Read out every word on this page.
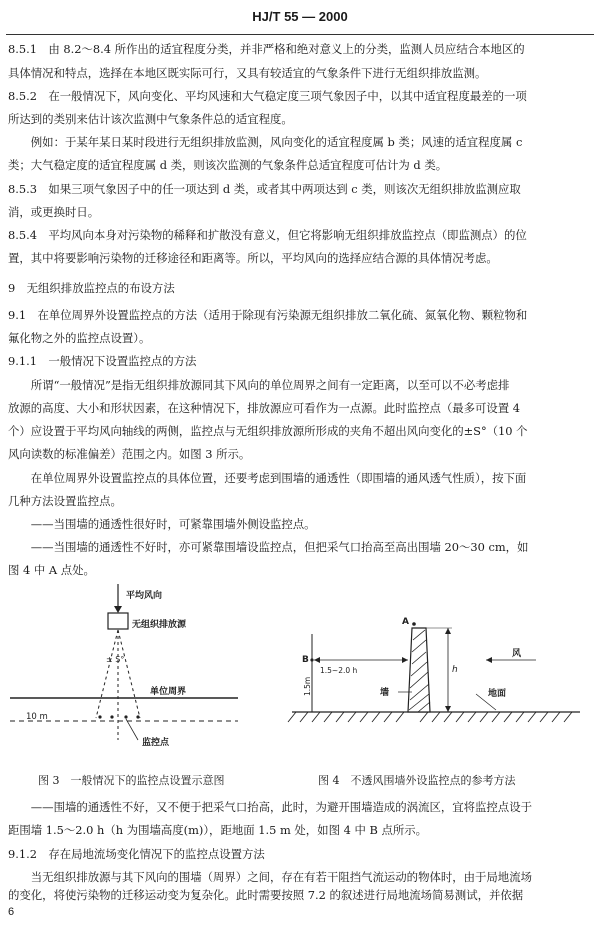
HJ/T 55 — 2000

8.5.1　由 8.2～8.4 所作出的适宜程度分类，并非严格和绝对意义上的分类，监测人员应结合本地区的

具体情况和特点，选择在本地区既实际可行，又具有较适宜的气象条件下进行无组织排放监测。

8.5.2　在一般情况下，风向变化、平均风速和大气稳定度三项气象因子中，以其中适宜程度最差的一项

所达到的类别来估计该次监测中气象条件总的适宜程度。

　　例如：于某年某日某时段进行无组织排放监测，风向变化的适宜程度属 b 类；风速的适宜程度属 c

类；大气稳定度的适宜程度属 d 类，则该次监测的气象条件总适宜程度可估计为 d 类。

8.5.3　如果三项气象因子中的任一项达到 d 类，或者其中两项达到 c 类，则该次无组织排放监测应取

消，或更换时日。

8.5.4　平均风向本身对污染物的稀释和扩散没有意义，但它将影响无组织排放监控点（即监测点）的位

置，其中将要影响污染物的迁移途径和距离等。所以，平均风向的选择应结合源的具体情况考虑。

9　无组织排放监控点的布设方法

9.1　在单位周界外设置监控点的方法（适用于除现有污染源无组织排放二氧化硫、氮氧化物、颗粒物和

氟化物之外的监控点设置）。

9.1.1　一般情况下设置监控点的方法

　　所谓“一般情况”是指无组织排放源同其下风向的单位周界之间有一定距离，以至可以不必考虑排

放源的高度、大小和形状因素，在这种情况下，排放源应可看作为一点源。此时监控点（最多可设置 4

个）应设置于平均风向轴线的两侧，监控点与无组织排放源所形成的夹角不超出风向变化的±S°（10 个

风向读数的标准偏差）范围之内。如图 3 所示。

　　在单位周界外设置监控点的具体位置，还要考虑到围墙的通透性（即围墙的通风透气性质），按下面

几种方法设置监控点。

　　——当围墙的通透性很好时，可紧靠围墙外侧设监控点。

　　——当围墙的通透性不好时，亦可紧靠围墙设监控点，但把采气口抬高至高出围墙 20～30 cm，如

图 4 中 A 点处。

平均风向
无组织排放源
± S°
单位周界
10 m
监控点
A
B
1.5~2.0 h
1.5m
h
墙
风
地面
图 3　一般情况下的监控点设置示意图	图 4　不透风围墙外设监控点的参考方法

　　——围墙的通透性不好，又不便于把采气口抬高，此时，为避开围墙造成的涡流区，宜将监控点设于

距围墙 1.5～2.0 h（h 为围墙高度(m)），距地面 1.5 m 处，如图 4 中 B 点所示。

9.1.2　存在局地流场变化情况下的监控点设置方法

　　当无组织排放源与其下风向的围墙（周界）之间，存在有若干阻挡气流运动的物体时，由于局地流场

的变化，将使污染物的迁移运动变为复杂化。此时需要按照 7.2 的叙述进行局地流场简易测试，并依据

6
